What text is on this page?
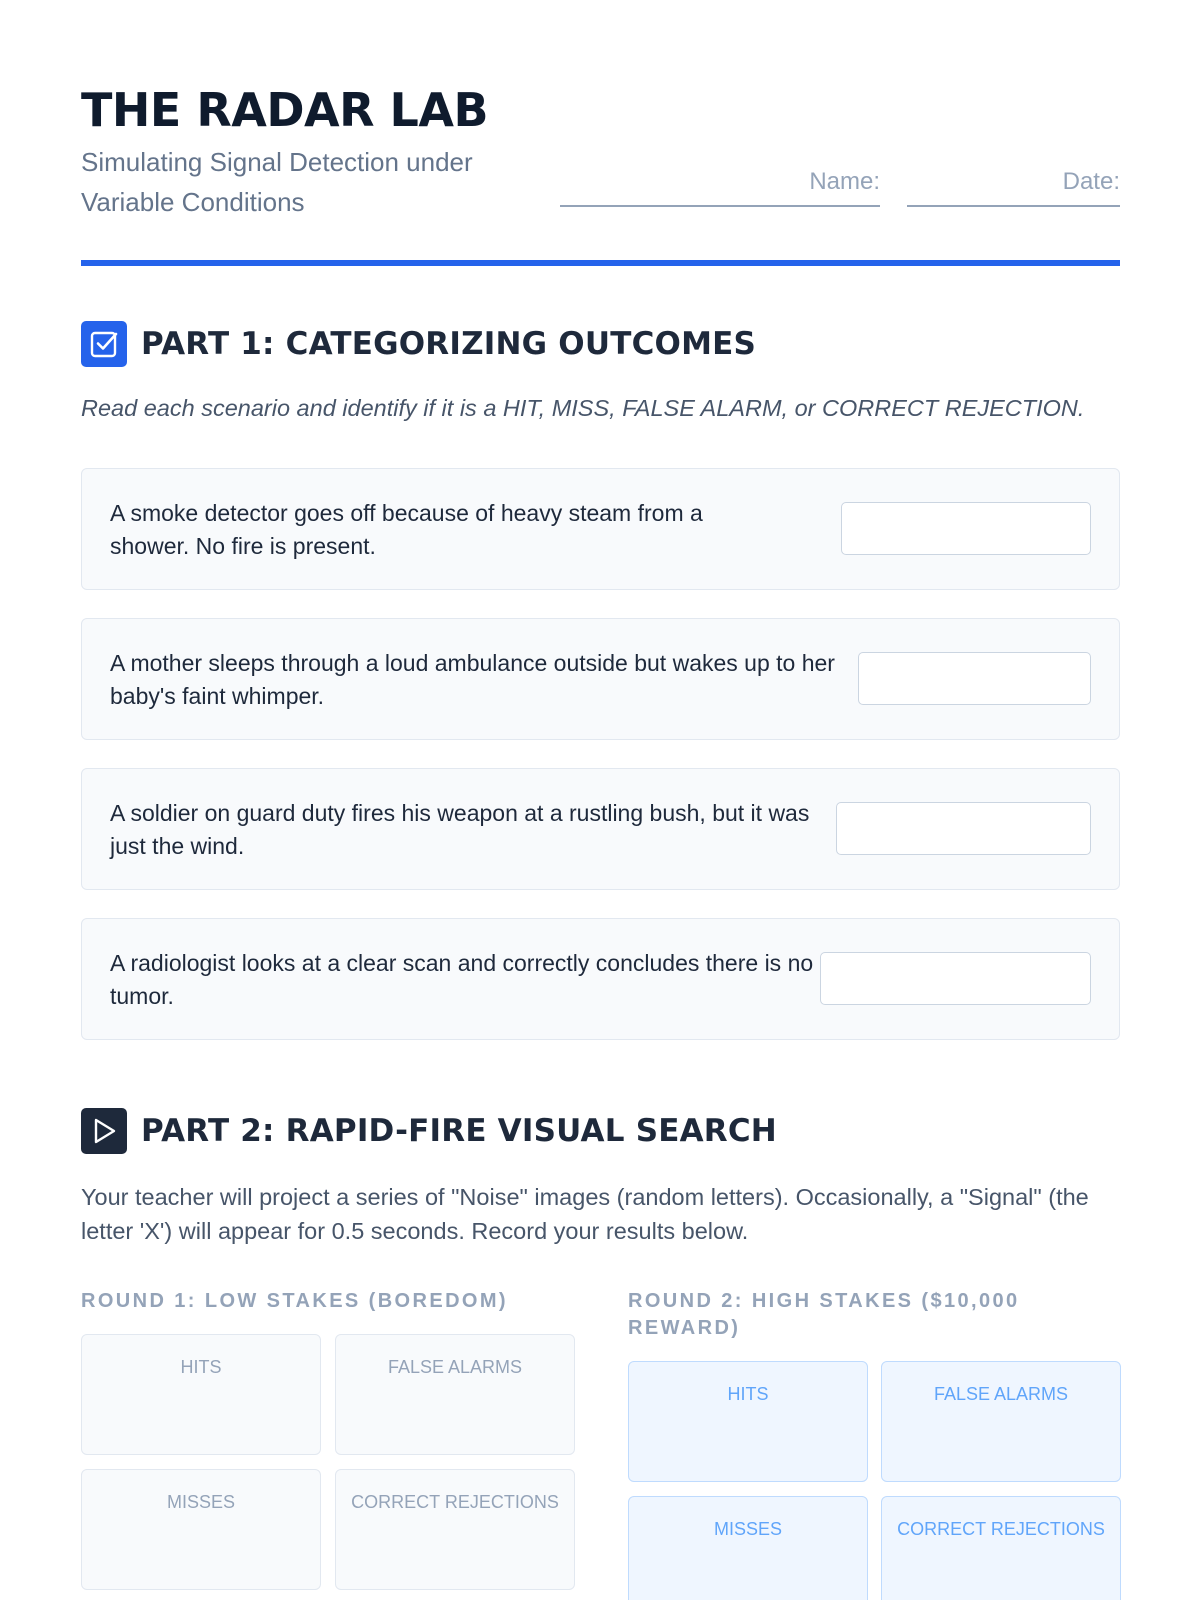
THE RADAR LAB
Simulating Signal Detection under Variable Conditions
Name:	Date:
PART 1: CATEGORIZING OUTCOMES
Read each scenario and identify if it is a HIT, MISS, FALSE ALARM, or CORRECT REJECTION.
A smoke detector goes off because of heavy steam from a shower. No fire is present.
A mother sleeps through a loud ambulance outside but wakes up to her baby's faint whimper.
A soldier on guard duty fires his weapon at a rustling bush, but it was just the wind.
A radiologist looks at a clear scan and correctly concludes there is no tumor.
PART 2: RAPID-FIRE VISUAL SEARCH
Your teacher will project a series of "Noise" images (random letters). Occasionally, a "Signal" (the letter 'X') will appear for 0.5 seconds. Record your results below.
ROUND 1: LOW STAKES (BOREDOM)
HITS	FALSE ALARMS
MISSES	CORRECT REJECTIONS
ROUND 2: HIGH STAKES ($10,000 REWARD)
HITS	FALSE ALARMS
MISSES	CORRECT REJECTIONS
